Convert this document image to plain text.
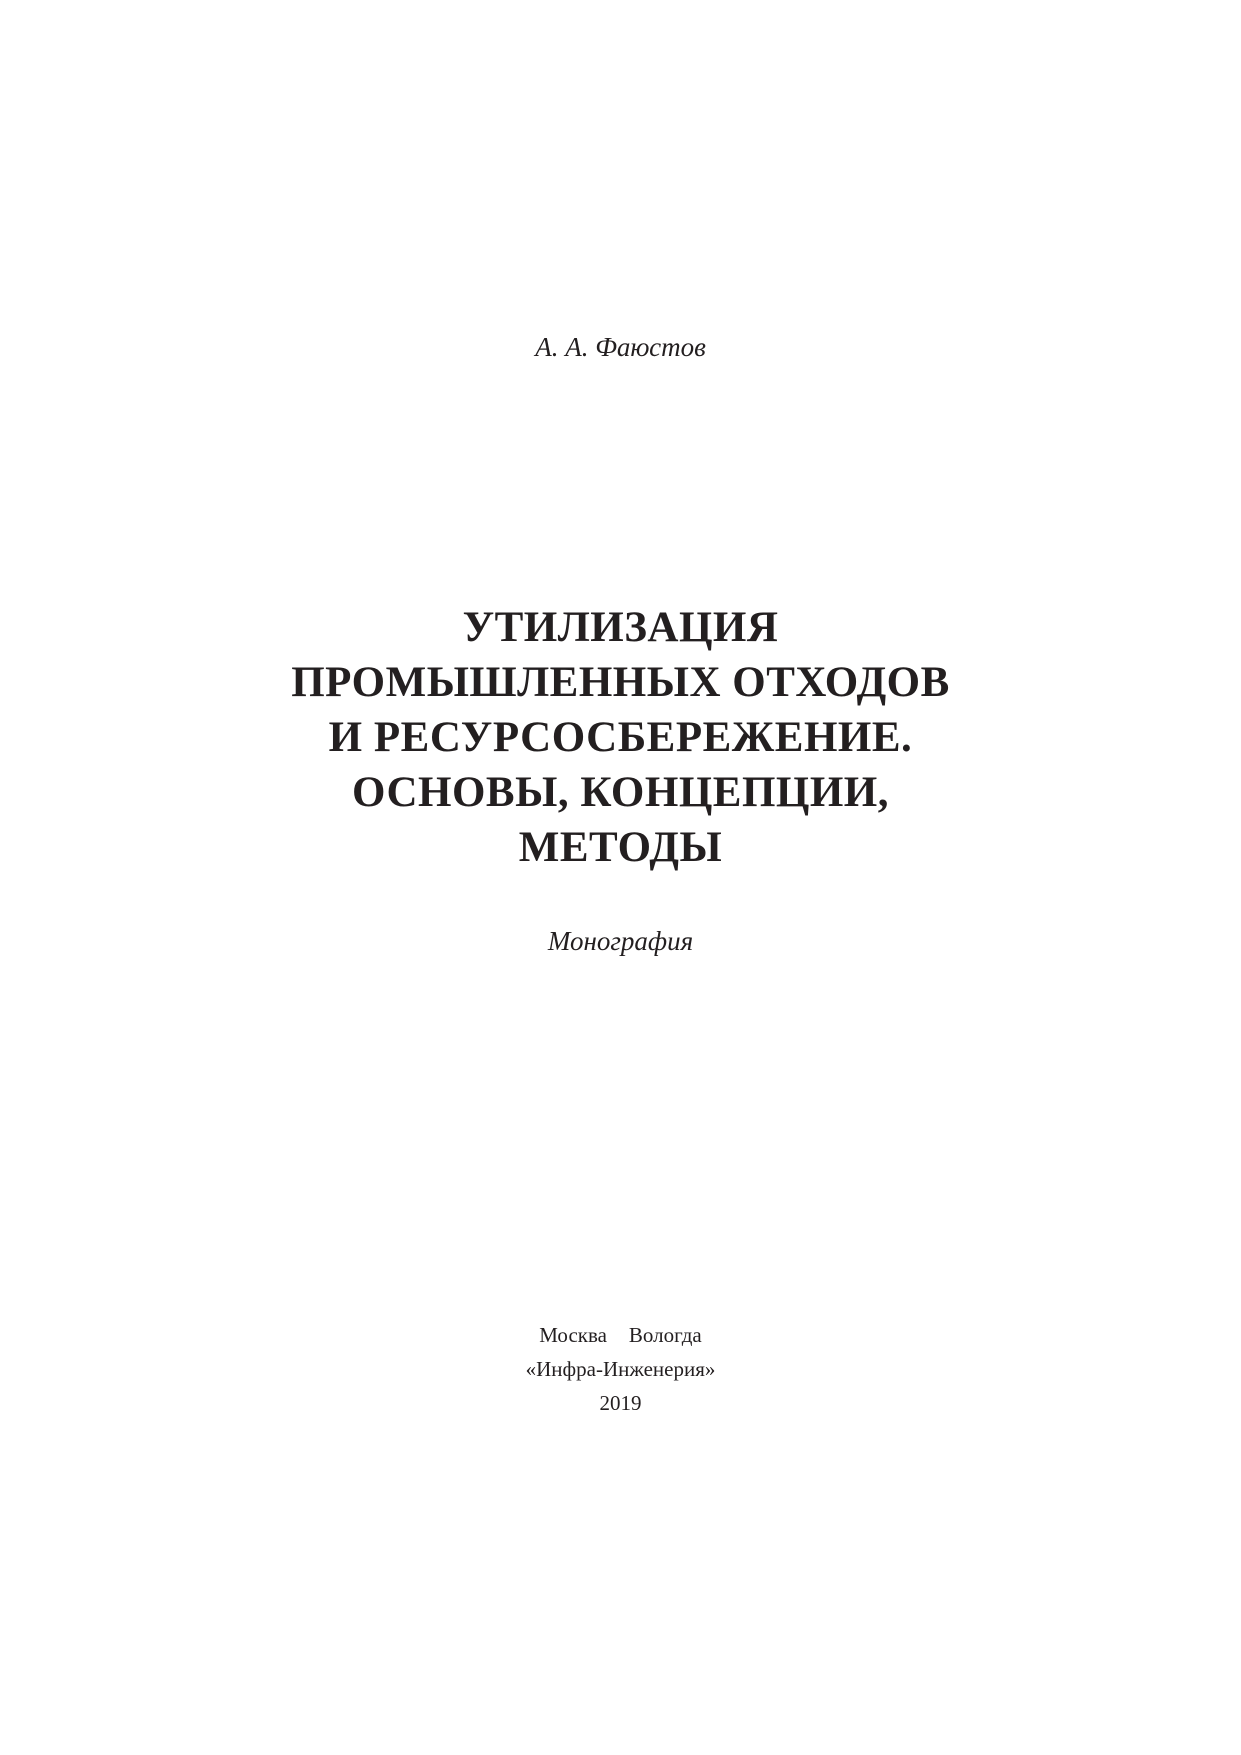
А. А. Фаюстов
УТИЛИЗАЦИЯ
ПРОМЫШЛЕННЫХ ОТХОДОВ
И РЕСУРСОСБЕРЕЖЕНИЕ.
ОСНОВЫ, КОНЦЕПЦИИ,
МЕТОДЫ
Монография
Москва Вологда
«Инфра-Инженерия»
2019
